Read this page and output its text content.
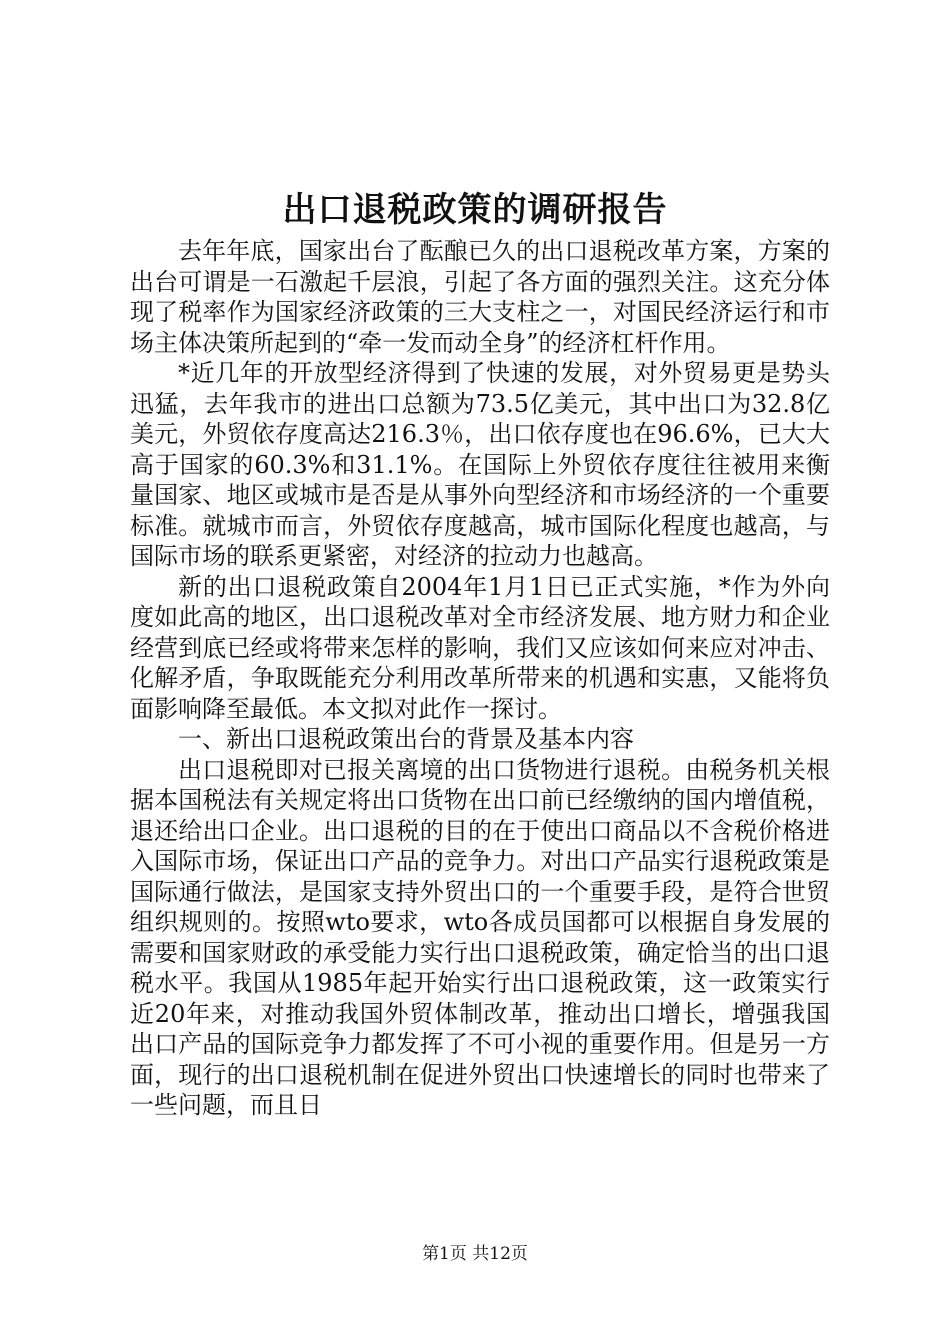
出口退税政策的调研报告

去年年底，国家出台了酝酿已久的出口退税改革方案，方案的出台可谓是一石激起千层浪，引起了各方面的强烈关注。这充分体现了税率作为国家经济政策的三大支柱之一，对国民经济运行和市场主体决策所起到的“牵一发而动全身”的经济杠杆作用。

*近几年的开放型经济得到了快速的发展，对外贸易更是势头迅猛，去年我市的进出口总额为73.5亿美元，其中出口为32.8亿美元，外贸依存度高达216.3％，出口依存度也在96.6%，已大大高于国家的60.3%和31.1%。在国际上外贸依存度往往被用来衡量国家、地区或城市是否是从事外向型经济和市场经济的一个重要标准。就城市而言，外贸依存度越高，城市国际化程度也越高，与国际市场的联系更紧密，对经济的拉动力也越高。

新的出口退税政策自2004年1月1日已正式实施，*作为外向度如此高的地区，出口退税改革对全市经济发展、地方财力和企业经营到底已经或将带来怎样的影响，我们又应该如何来应对冲击、化解矛盾，争取既能充分利用改革所带来的机遇和实惠，又能将负面影响降至最低。本文拟对此作一探讨。

一、新出口退税政策出台的背景及基本内容

出口退税即对已报关离境的出口货物进行退税。由税务机关根据本国税法有关规定将出口货物在出口前已经缴纳的国内增值税，退还给出口企业。出口退税的目的在于使出口商品以不含税价格进入国际市场，保证出口产品的竞争力。对出口产品实行退税政策是国际通行做法，是国家支持外贸出口的一个重要手段，是符合世贸组织规则的。按照wto要求，wto各成员国都可以根据自身发展的需要和国家财政的承受能力实行出口退税政策，确定恰当的出口退税水平。我国从1985年起开始实行出口退税政策，这一政策实行近20年来，对推动我国外贸体制改革，推动出口增长，增强我国出口产品的国际竞争力都发挥了不可小视的重要作用。但是另一方面，现行的出口退税机制在促进外贸出口快速增长的同时也带来了一些问题，而且日

第1页 共12页
